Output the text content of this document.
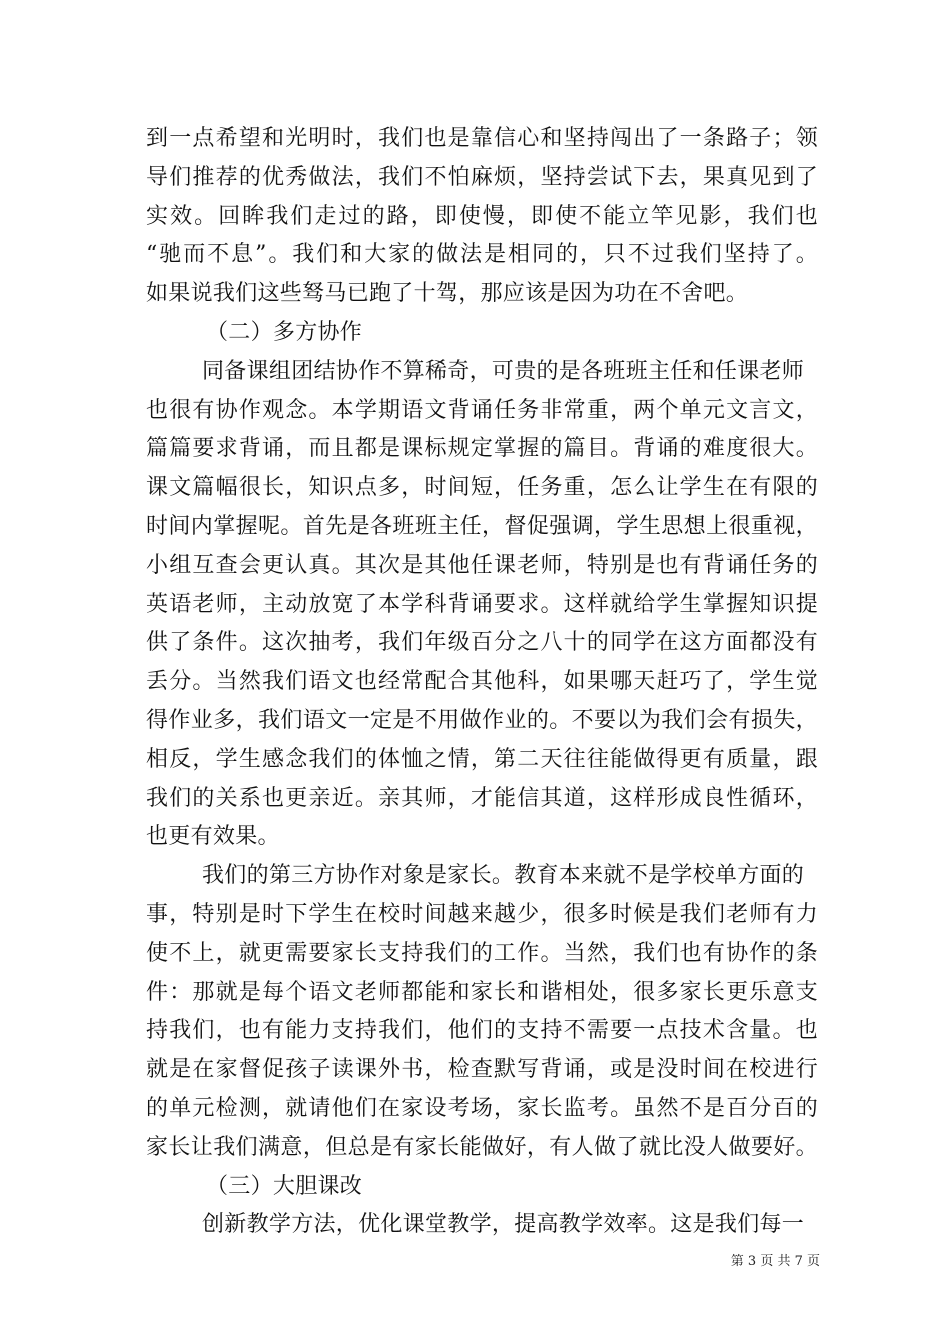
到一点希望和光明时，我们也是靠信心和坚持闯出了一条路子；领
导们推荐的优秀做法，我们不怕麻烦，坚持尝试下去，果真见到了
实效。回眸我们走过的路，即使慢，即使不能立竿见影，我们也
“驰而不息”。我们和大家的做法是相同的，只不过我们坚持了。
如果说我们这些驽马已跑了十驾，那应该是因为功在不舍吧。
（二）多方协作
同备课组团结协作不算稀奇，可贵的是各班班主任和任课老师
也很有协作观念。本学期语文背诵任务非常重，两个单元文言文，
篇篇要求背诵，而且都是课标规定掌握的篇目。背诵的难度很大。
课文篇幅很长，知识点多，时间短，任务重，怎么让学生在有限的
时间内掌握呢。首先是各班班主任，督促强调，学生思想上很重视，
小组互查会更认真。其次是其他任课老师，特别是也有背诵任务的
英语老师，主动放宽了本学科背诵要求。这样就给学生掌握知识提
供了条件。这次抽考，我们年级百分之八十的同学在这方面都没有
丢分。当然我们语文也经常配合其他科，如果哪天赶巧了，学生觉
得作业多，我们语文一定是不用做作业的。不要以为我们会有损失，
相反，学生感念我们的体恤之情，第二天往往能做得更有质量，跟
我们的关系也更亲近。亲其师，才能信其道，这样形成良性循环，
也更有效果。
我们的第三方协作对象是家长。教育本来就不是学校单方面的
事，特别是时下学生在校时间越来越少，很多时候是我们老师有力
使不上，就更需要家长支持我们的工作。当然，我们也有协作的条
件：那就是每个语文老师都能和家长和谐相处，很多家长更乐意支
持我们，也有能力支持我们，他们的支持不需要一点技术含量。也
就是在家督促孩子读课外书，检查默写背诵，或是没时间在校进行
的单元检测，就请他们在家设考场，家长监考。虽然不是百分百的
家长让我们满意，但总是有家长能做好，有人做了就比没人做要好。
（三）大胆课改
创新教学方法，优化课堂教学，提高教学效率。这是我们每一
第 3 页 共 7 页
